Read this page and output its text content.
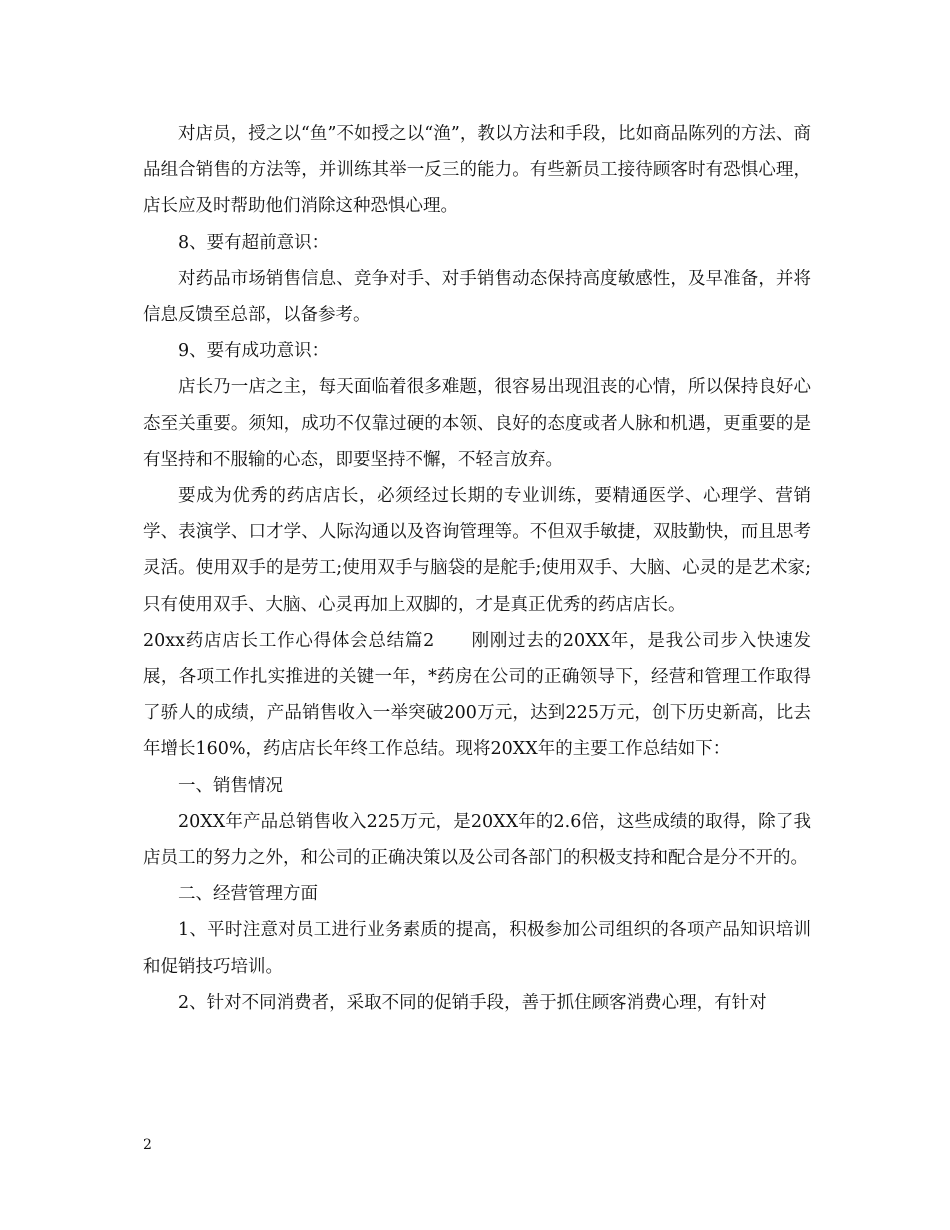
对店员，授之以“鱼”不如授之以“渔”，教以方法和手段，比如商品陈列的方法、商品组合销售的方法等，并训练其举一反三的能力。有些新员工接待顾客时有恐惧心理，店长应及时帮助他们消除这种恐惧心理。

8、要有超前意识：

对药品市场销售信息、竞争对手、对手销售动态保持高度敏感性，及早准备，并将信息反馈至总部，以备参考。

9、要有成功意识：

店长乃一店之主，每天面临着很多难题，很容易出现沮丧的心情，所以保持良好心态至关重要。须知，成功不仅靠过硬的本领、良好的态度或者人脉和机遇，更重要的是有坚持和不服输的心态，即要坚持不懈，不轻言放弃。

要成为优秀的药店店长，必须经过长期的专业训练，要精通医学、心理学、营销学、表演学、口才学、人际沟通以及咨询管理等。不但双手敏捷，双肢勤快，而且思考灵活。使用双手的是劳工;使用双手与脑袋的是舵手;使用双手、大脑、心灵的是艺术家;只有使用双手、大脑、心灵再加上双脚的，才是真正优秀的药店店长。

20xx药店店长工作心得体会总结篇2　　刚刚过去的20XX年，是我公司步入快速发展，各项工作扎实推进的关键一年，*药房在公司的正确领导下，经营和管理工作取得了骄人的成绩，产品销售收入一举突破200万元，达到225万元，创下历史新高，比去年增长160%，药店店长年终工作总结。现将20XX年的主要工作总结如下：

一、销售情况

20XX年产品总销售收入225万元，是20XX年的2.6倍，这些成绩的取得，除了我店员工的努力之外，和公司的正确决策以及公司各部门的积极支持和配合是分不开的。

二、经营管理方面

1、平时注意对员工进行业务素质的提高，积极参加公司组织的各项产品知识培训和促销技巧培训。

2、针对不同消费者，采取不同的促销手段，善于抓住顾客消费心理，有针对

2
